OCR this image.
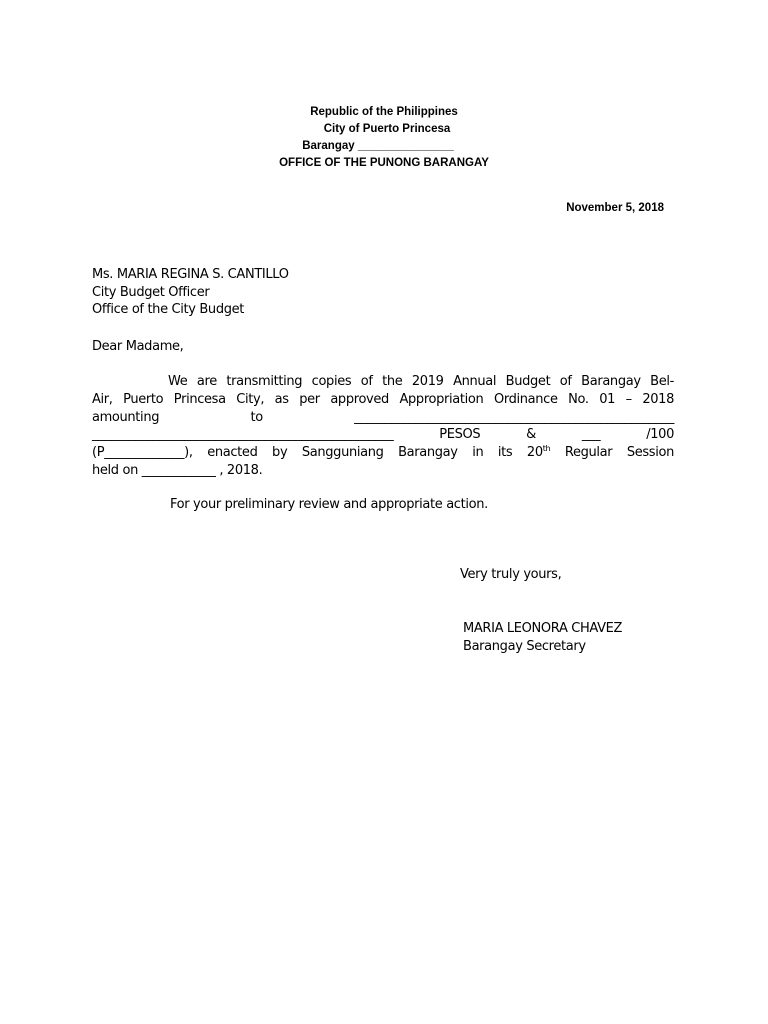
Republic of the Philippines
City of Puerto Princesa
Barangay _______________
OFFICE OF THE PUNONG BARANGAY
November 5, 2018
Ms. MARIA REGINA S. CANTILLO
City Budget Officer
Office of the City Budget
Dear Madame,
We are transmitting copies of the 2019 Annual Budget of Barangay Bel-
Air, Puerto Princesa City, as per approved Appropriation Ordinance No. 01 – 2018
amounting to ____________________________________________________
_________________________________________________ PESOS & ___ /100
(P_____________), enacted by Sangguniang Barangay in its 20th Regular Session
held on ____________ , 2018.
For your preliminary review and appropriate action.
Very truly yours,
MARIA LEONORA CHAVEZ
Barangay Secretary
